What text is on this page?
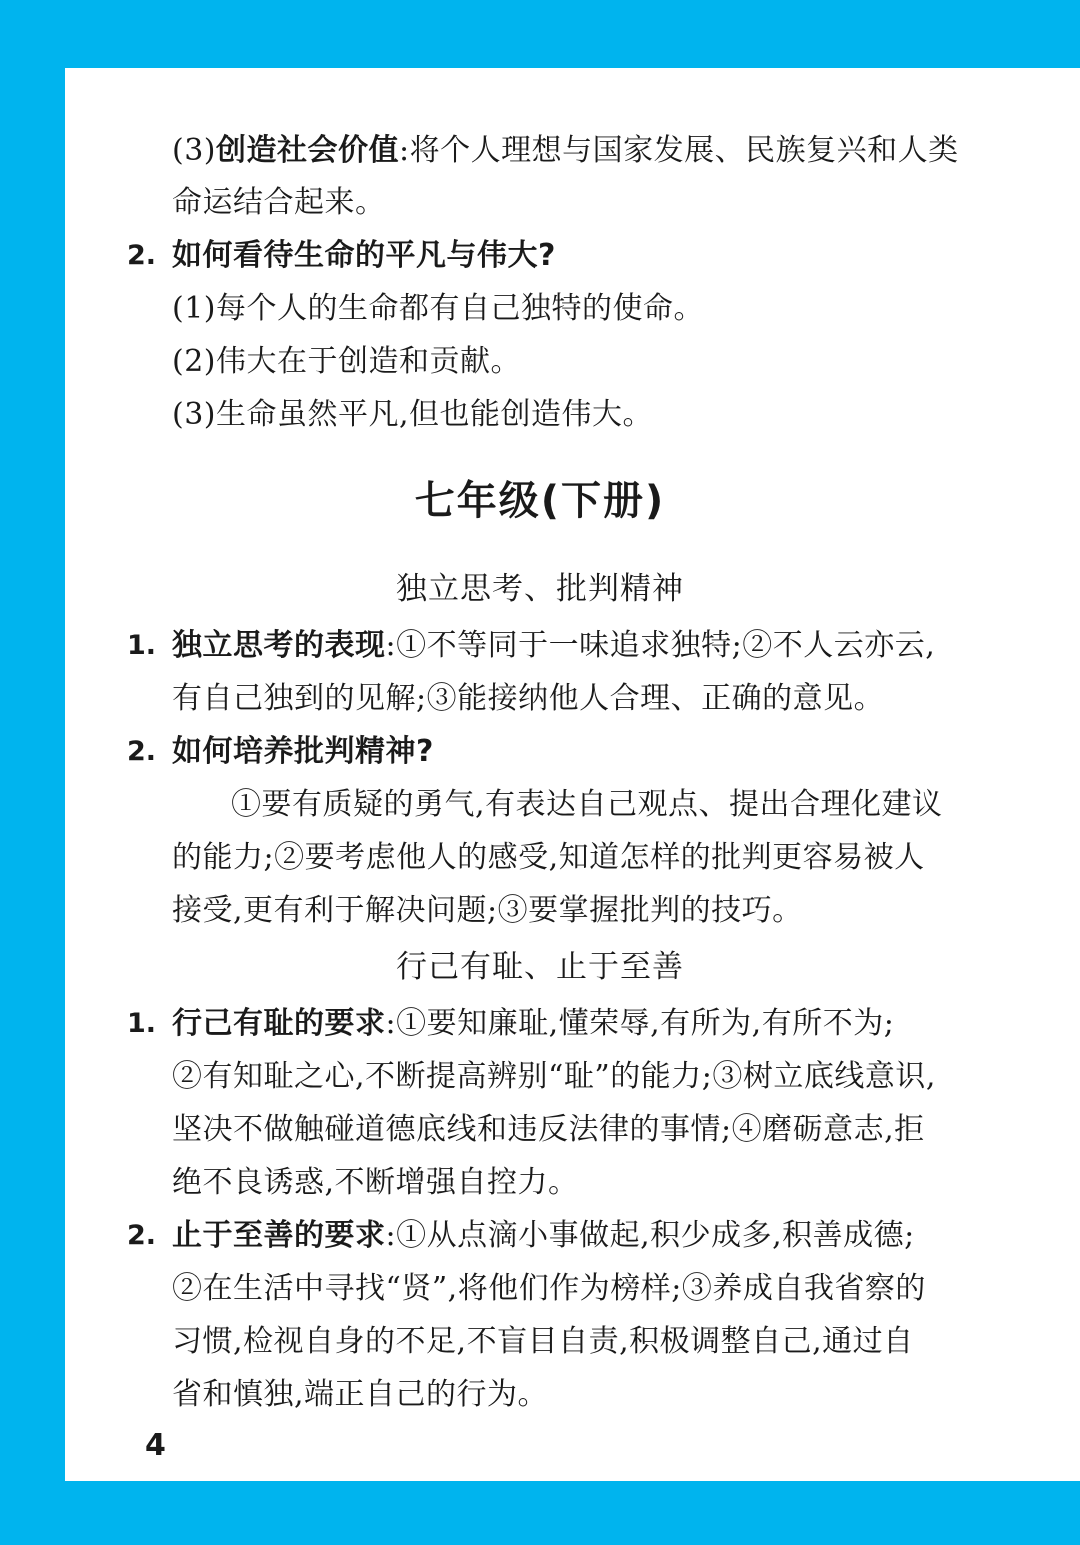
(3)创造社会价值:将个人理想与国家发展、民族复兴和人类
命运结合起来。
2. 如何看待生命的平凡与伟大?
(1)每个人的生命都有自己独特的使命。
(2)伟大在于创造和贡献。
(3)生命虽然平凡,但也能创造伟大。
七年级(下册)
独立思考、批判精神
1. 独立思考的表现:①不等同于一味追求独特;②不人云亦云,
有自己独到的见解;③能接纳他人合理、正确的意见。
2. 如何培养批判精神?
①要有质疑的勇气,有表达自己观点、提出合理化建议
的能力;②要考虑他人的感受,知道怎样的批判更容易被人
接受,更有利于解决问题;③要掌握批判的技巧。
行己有耻、止于至善
1. 行己有耻的要求:①要知廉耻,懂荣辱,有所为,有所不为;
②有知耻之心,不断提高辨别“耻”的能力;③树立底线意识,
坚决不做触碰道德底线和违反法律的事情;④磨砺意志,拒
绝不良诱惑,不断增强自控力。
2. 止于至善的要求:①从点滴小事做起,积少成多,积善成德;
②在生活中寻找“贤”,将他们作为榜样;③养成自我省察的
习惯,检视自身的不足,不盲目自责,积极调整自己,通过自
省和慎独,端正自己的行为。
4
